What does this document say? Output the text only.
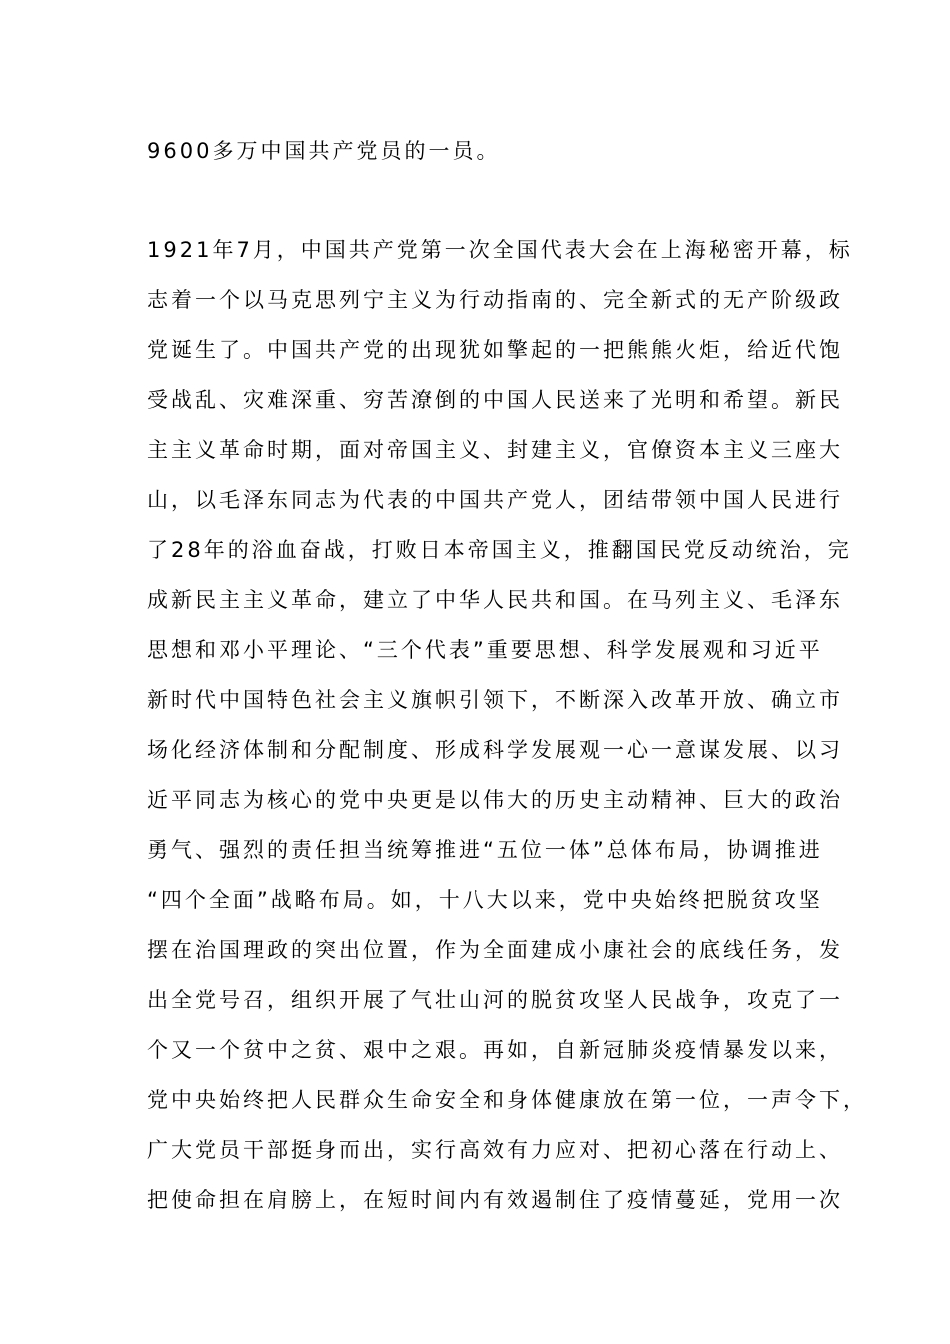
9600多万中国共产党员的一员。
1921年7月，中国共产党第一次全国代表大会在上海秘密开幕，标
志着一个以马克思列宁主义为行动指南的、完全新式的无产阶级政
党诞生了。中国共产党的出现犹如擎起的一把熊熊火炬，给近代饱
受战乱、灾难深重、穷苦潦倒的中国人民送来了光明和希望。新民
主主义革命时期，面对帝国主义、封建主义，官僚资本主义三座大
山，以毛泽东同志为代表的中国共产党人，团结带领中国人民进行
了28年的浴血奋战，打败日本帝国主义，推翻国民党反动统治，完
成新民主主义革命，建立了中华人民共和国。在马列主义、毛泽东
思想和邓小平理论、“三个代表”重要思想、科学发展观和习近平
新时代中国特色社会主义旗帜引领下，不断深入改革开放、确立市
场化经济体制和分配制度、形成科学发展观一心一意谋发展、以习
近平同志为核心的党中央更是以伟大的历史主动精神、巨大的政治
勇气、强烈的责任担当统筹推进“五位一体”总体布局，协调推进
“四个全面”战略布局。如，十八大以来，党中央始终把脱贫攻坚
摆在治国理政的突出位置，作为全面建成小康社会的底线任务，发
出全党号召，组织开展了气壮山河的脱贫攻坚人民战争，攻克了一
个又一个贫中之贫、艰中之艰。再如，自新冠肺炎疫情暴发以来，
党中央始终把人民群众生命安全和身体健康放在第一位，一声令下，
广大党员干部挺身而出，实行高效有力应对、把初心落在行动上、
把使命担在肩膀上，在短时间内有效遏制住了疫情蔓延，党用一次
